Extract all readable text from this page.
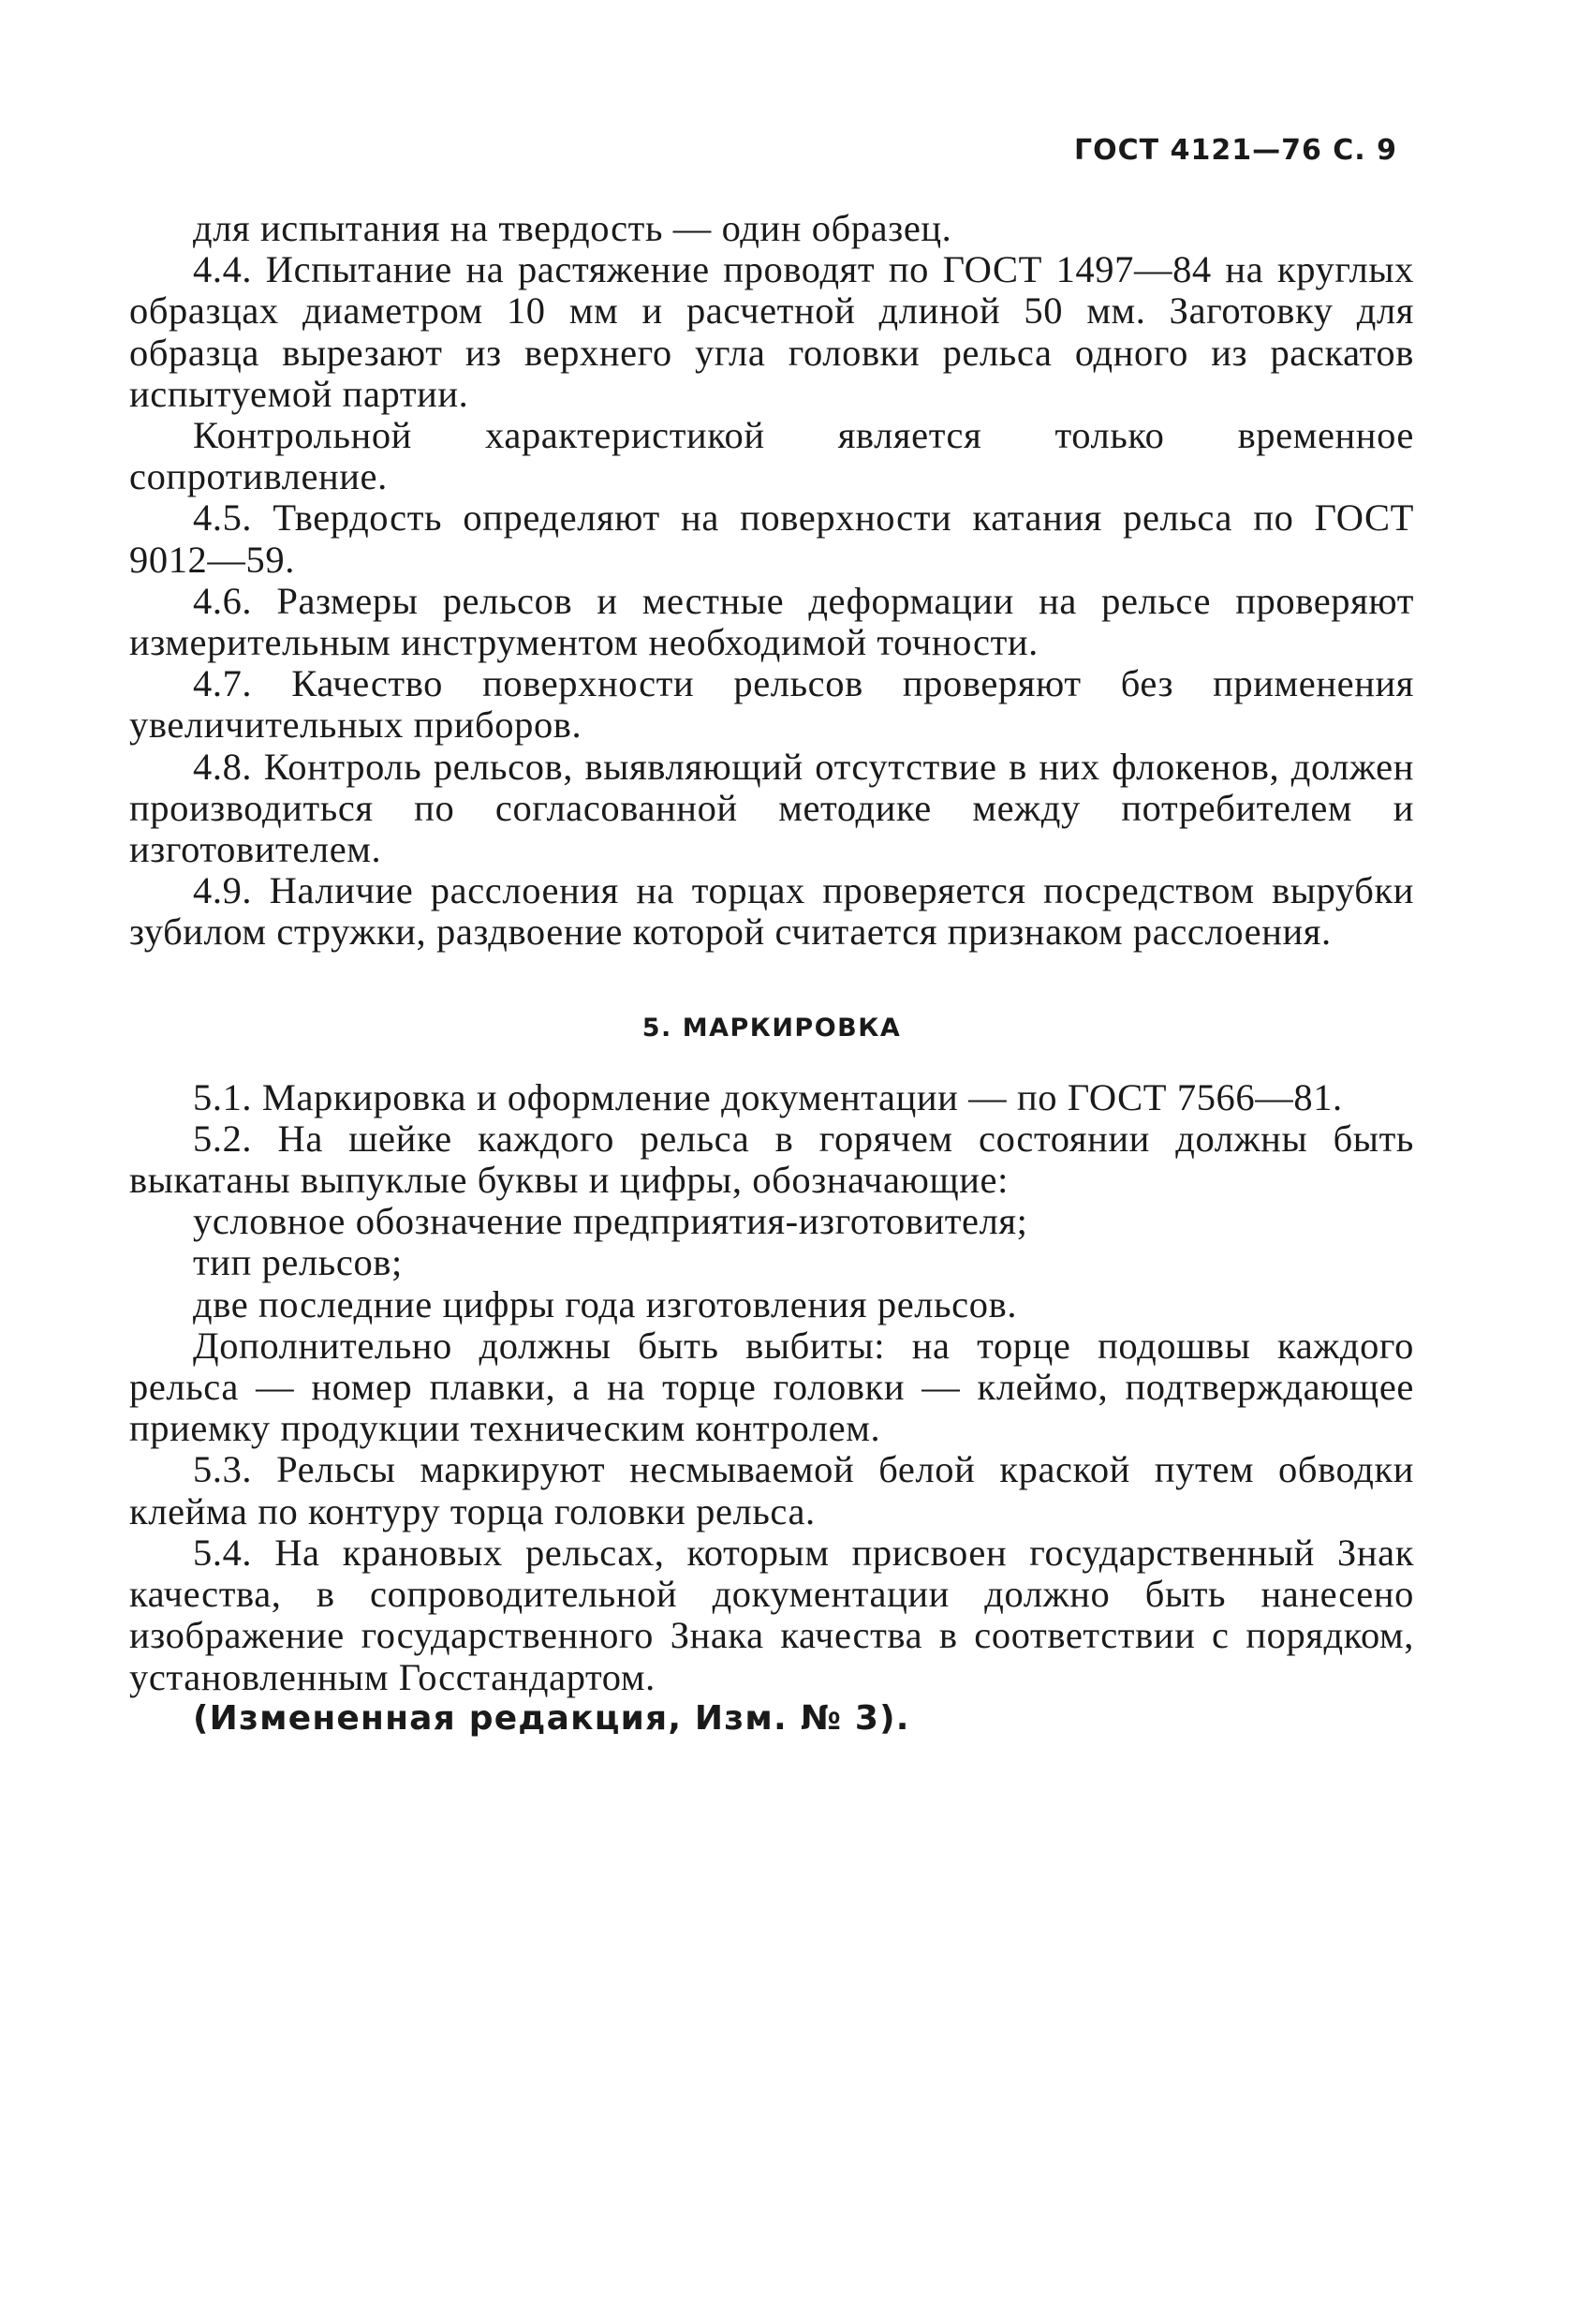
ГОСТ 4121—76 С. 9

для испытания на твердость — один образец.

4.4. Испытание на растяжение проводят по ГОСТ 1497—84 на круглых образцах диаметром 10 мм и расчетной длиной 50 мм. Заготовку для образца вырезают из верхнего угла головки рельса одного из раскатов испытуемой партии.

Контрольной характеристикой является только временное сопротивление.

4.5. Твердость определяют на поверхности катания рельса по ГОСТ 9012—59.

4.6. Размеры рельсов и местные деформации на рельсе проверяют измерительным инструментом необходимой точности.

4.7. Качество поверхности рельсов проверяют без применения увеличительных приборов.

4.8. Контроль рельсов, выявляющий отсутствие в них флокенов, должен производиться по согласованной методике между потребителем и изготовителем.

4.9. Наличие расслоения на торцах проверяется посредством вырубки зубилом стружки, раздвоение которой считается признаком расслоения.

5. МАРКИРОВКА

5.1. Маркировка и оформление документации — по ГОСТ 7566—81.

5.2. На шейке каждого рельса в горячем состоянии должны быть выкатаны выпуклые буквы и цифры, обозначающие:

условное обозначение предприятия-изготовителя;

тип рельсов;

две последние цифры года изготовления рельсов.

Дополнительно должны быть выбиты: на торце подошвы каждого рельса — номер плавки, а на торце головки — клеймо, подтверждающее приемку продукции техническим контролем.

5.3. Рельсы маркируют несмываемой белой краской путем обводки клейма по контуру торца головки рельса.

5.4. На крановых рельсах, которым присвоен государственный Знак качества, в сопроводительной документации должно быть нанесено изображение государственного Знака качества в соответствии с порядком, установленным Госстандартом.

(Измененная редакция, Изм. № 3).
